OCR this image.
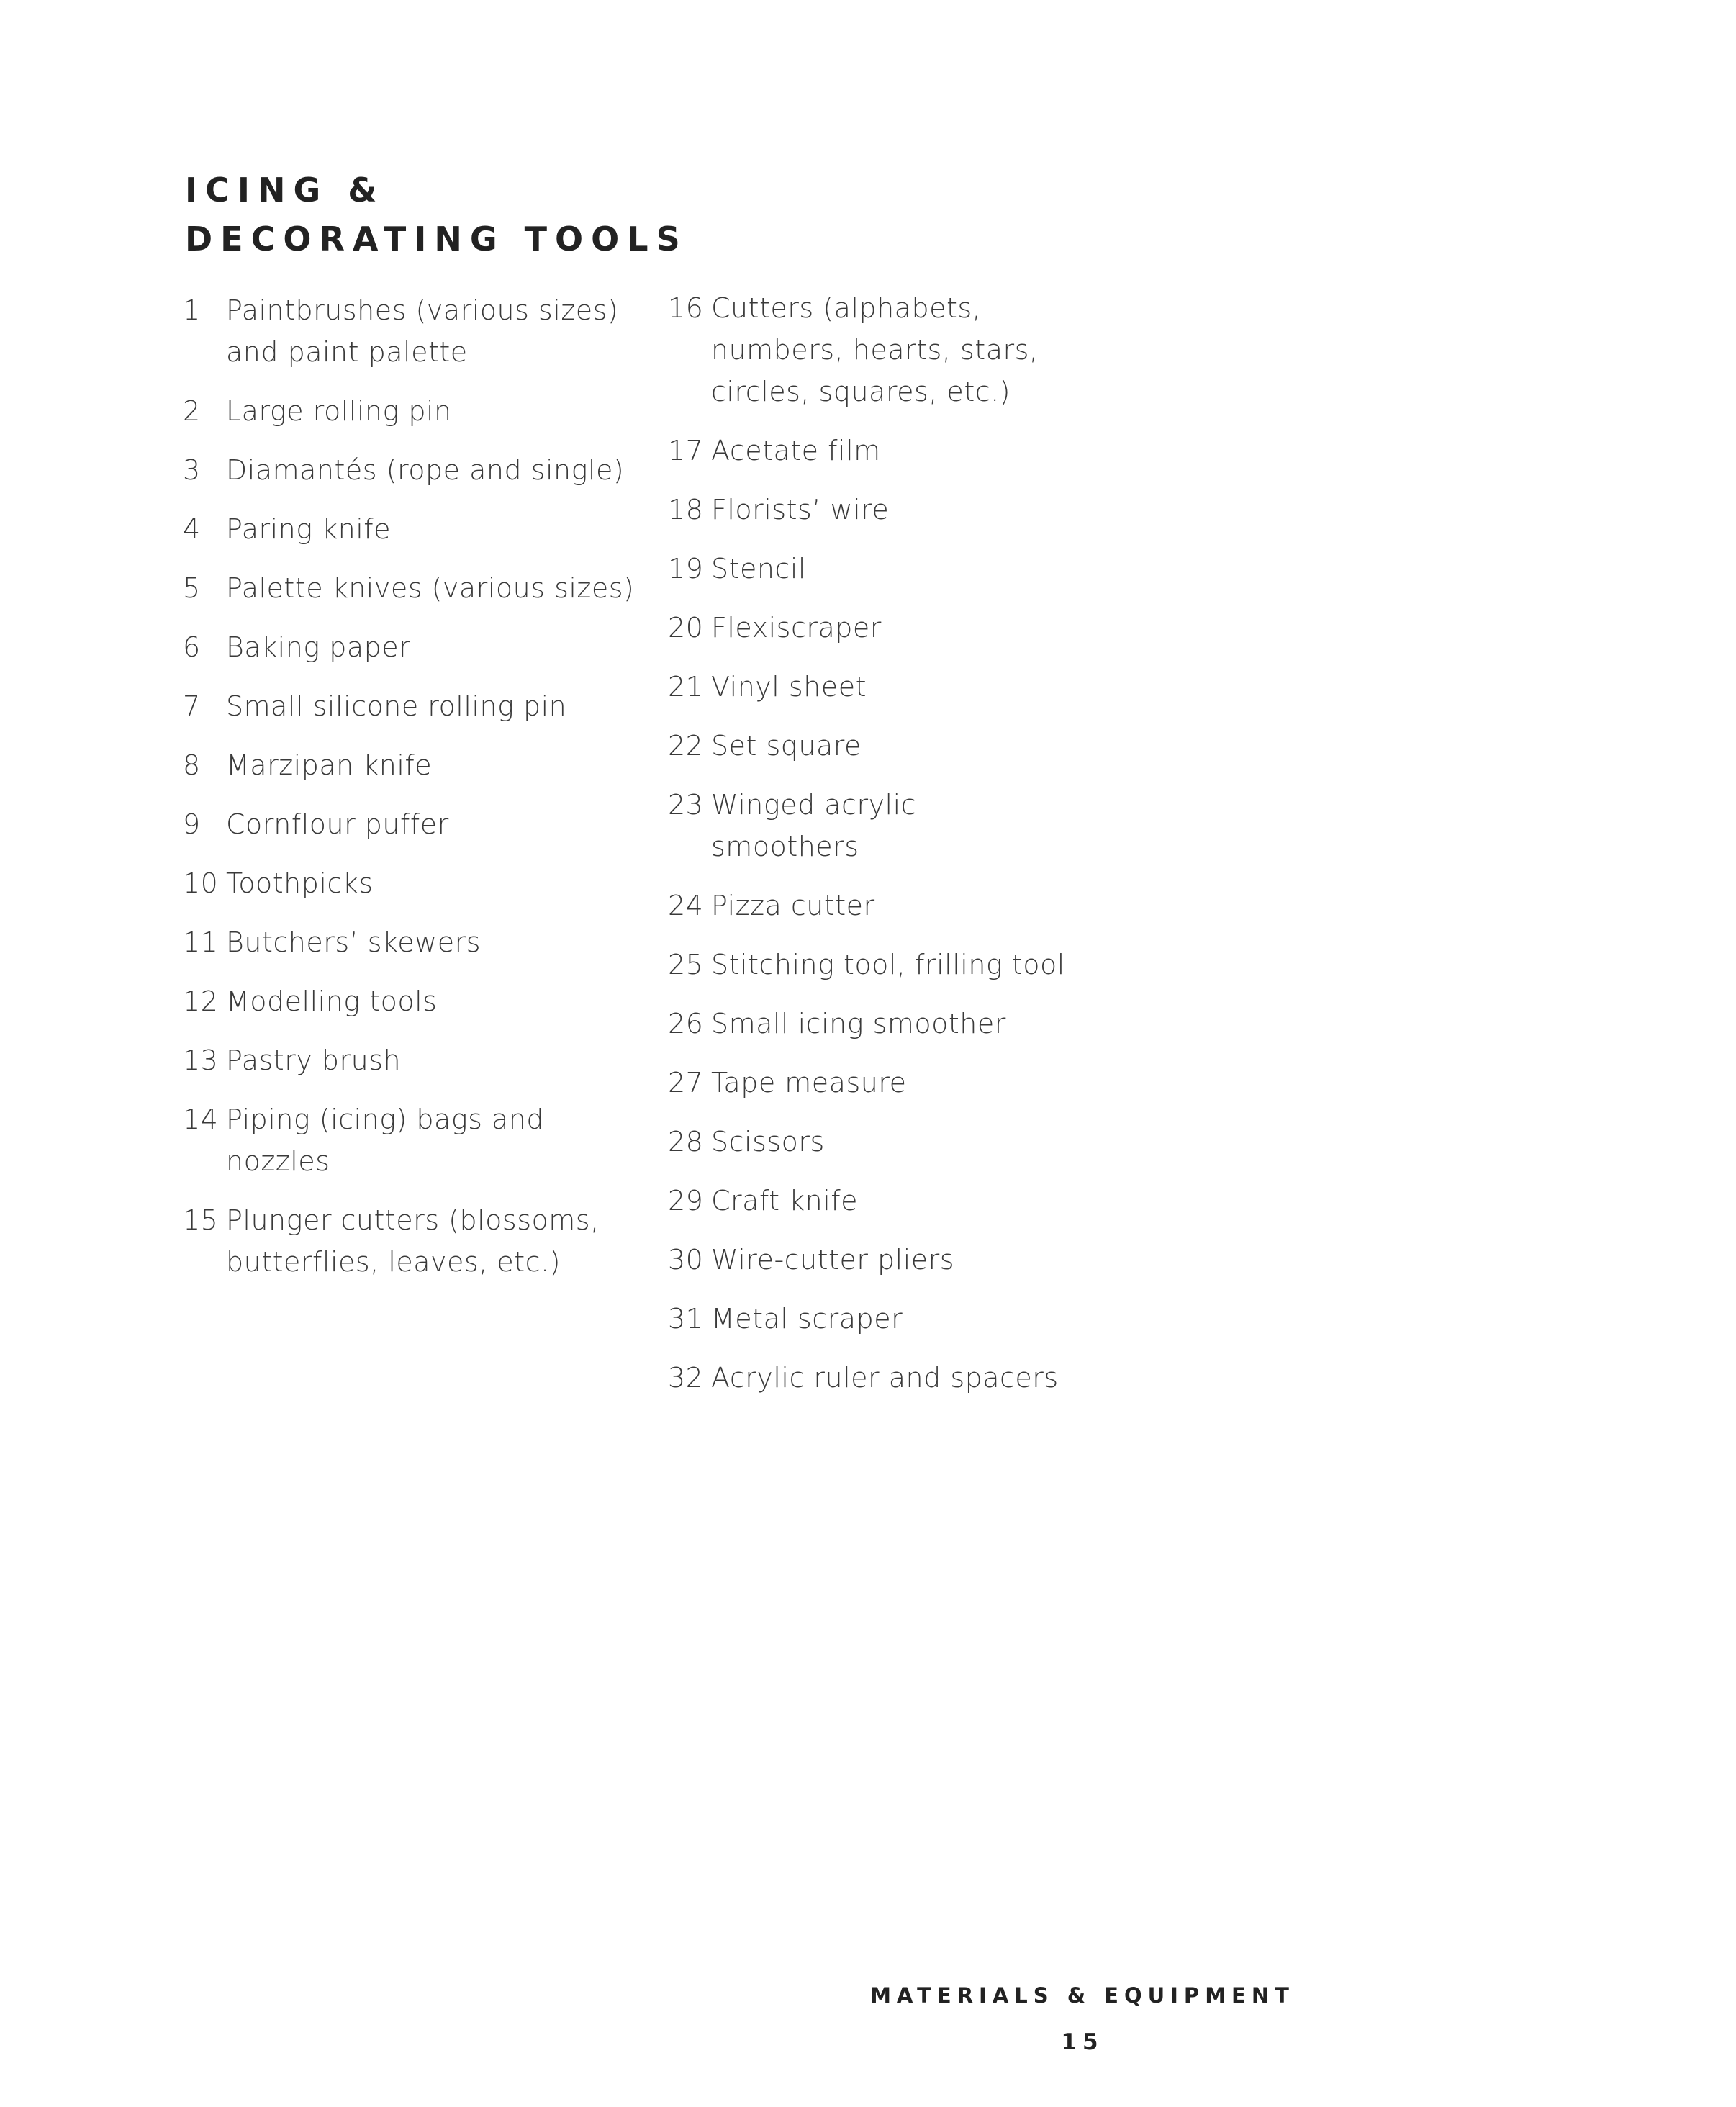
ICING &
DECORATING TOOLS
1 Paintbrushes (various sizes) and paint palette
2 Large rolling pin
3 Diamantés (rope and single)
4 Paring knife
5 Palette knives (various sizes)
6 Baking paper
7 Small silicone rolling pin
8 Marzipan knife
9 Cornflour puffer
10 Toothpicks
11 Butchers’ skewers
12 Modelling tools
13 Pastry brush
14 Piping (icing) bags and nozzles
15 Plunger cutters (blossoms, butterflies, leaves, etc.)
16 Cutters (alphabets, numbers, hearts, stars, circles, squares, etc.)
17 Acetate film
18 Florists’ wire
19 Stencil
20 Flexiscraper
21 Vinyl sheet
22 Set square
23 Winged acrylic smoothers
24 Pizza cutter
25 Stitching tool, frilling tool
26 Small icing smoother
27 Tape measure
28 Scissors
29 Craft knife
30 Wire-cutter pliers
31 Metal scraper
32 Acrylic ruler and spacers
MATERIALS & EQUIPMENT
15
